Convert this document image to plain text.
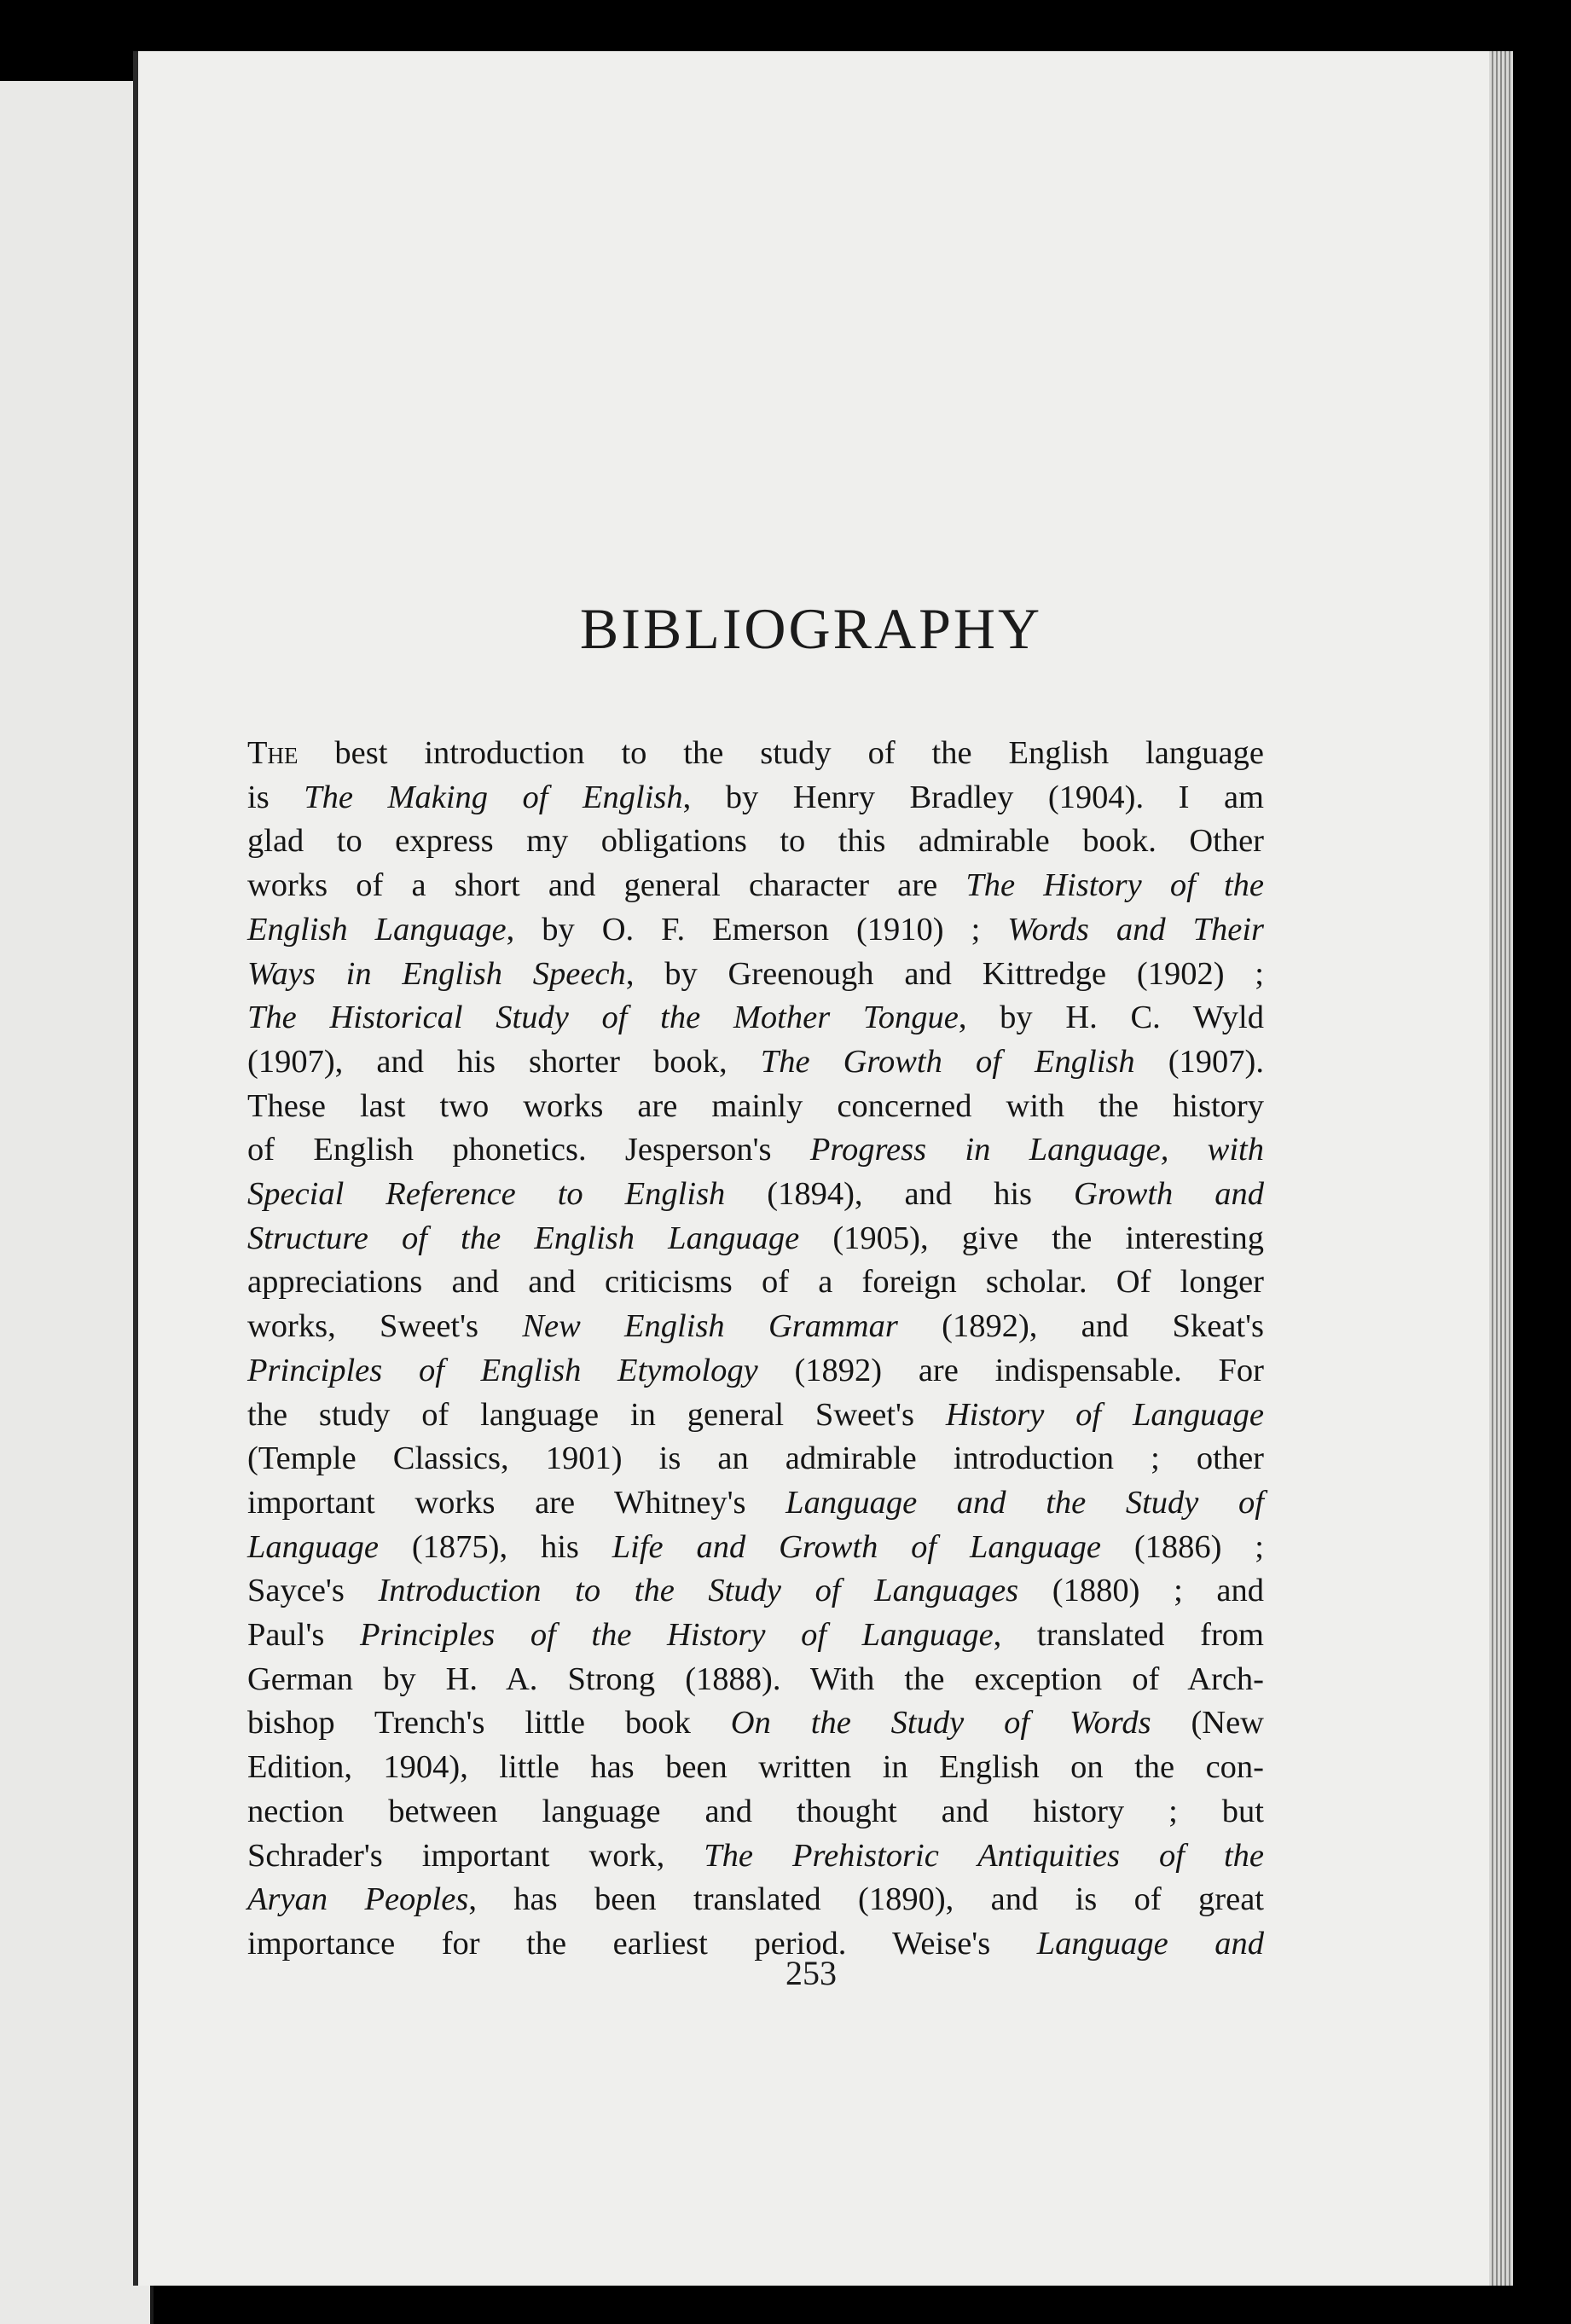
BIBLIOGRAPHY
The best introduction to the study of the English language
is The Making of English, by Henry Bradley (1904). I am
glad to express my obligations to this admirable book. Other
works of a short and general character are The History of the
English Language, by O. F. Emerson (1910) ; Words and Their
Ways in English Speech, by Greenough and Kittredge (1902) ;
The Historical Study of the Mother Tongue, by H. C. Wyld
(1907), and his shorter book, The Growth of English (1907).
These last two works are mainly concerned with the history
of English phonetics. Jesperson's Progress in Language, with
Special Reference to English (1894), and his Growth and
Structure of the English Language (1905), give the interesting
appreciations and and criticisms of a foreign scholar. Of longer
works, Sweet's New English Grammar (1892), and Skeat's
Principles of English Etymology (1892) are indispensable. For
the study of language in general Sweet's History of Language
(Temple Classics, 1901) is an admirable introduction ; other
important works are Whitney's Language and the Study of
Language (1875), his Life and Growth of Language (1886) ;
Sayce's Introduction to the Study of Languages (1880) ; and
Paul's Principles of the History of Language, translated from
German by H. A. Strong (1888). With the exception of Arch-
bishop Trench's little book On the Study of Words (New
Edition, 1904), little has been written in English on the con-
nection between language and thought and history ; but
Schrader's important work, The Prehistoric Antiquities of the
Aryan Peoples, has been translated (1890), and is of great
importance for the earliest period. Weise's Language and
253
